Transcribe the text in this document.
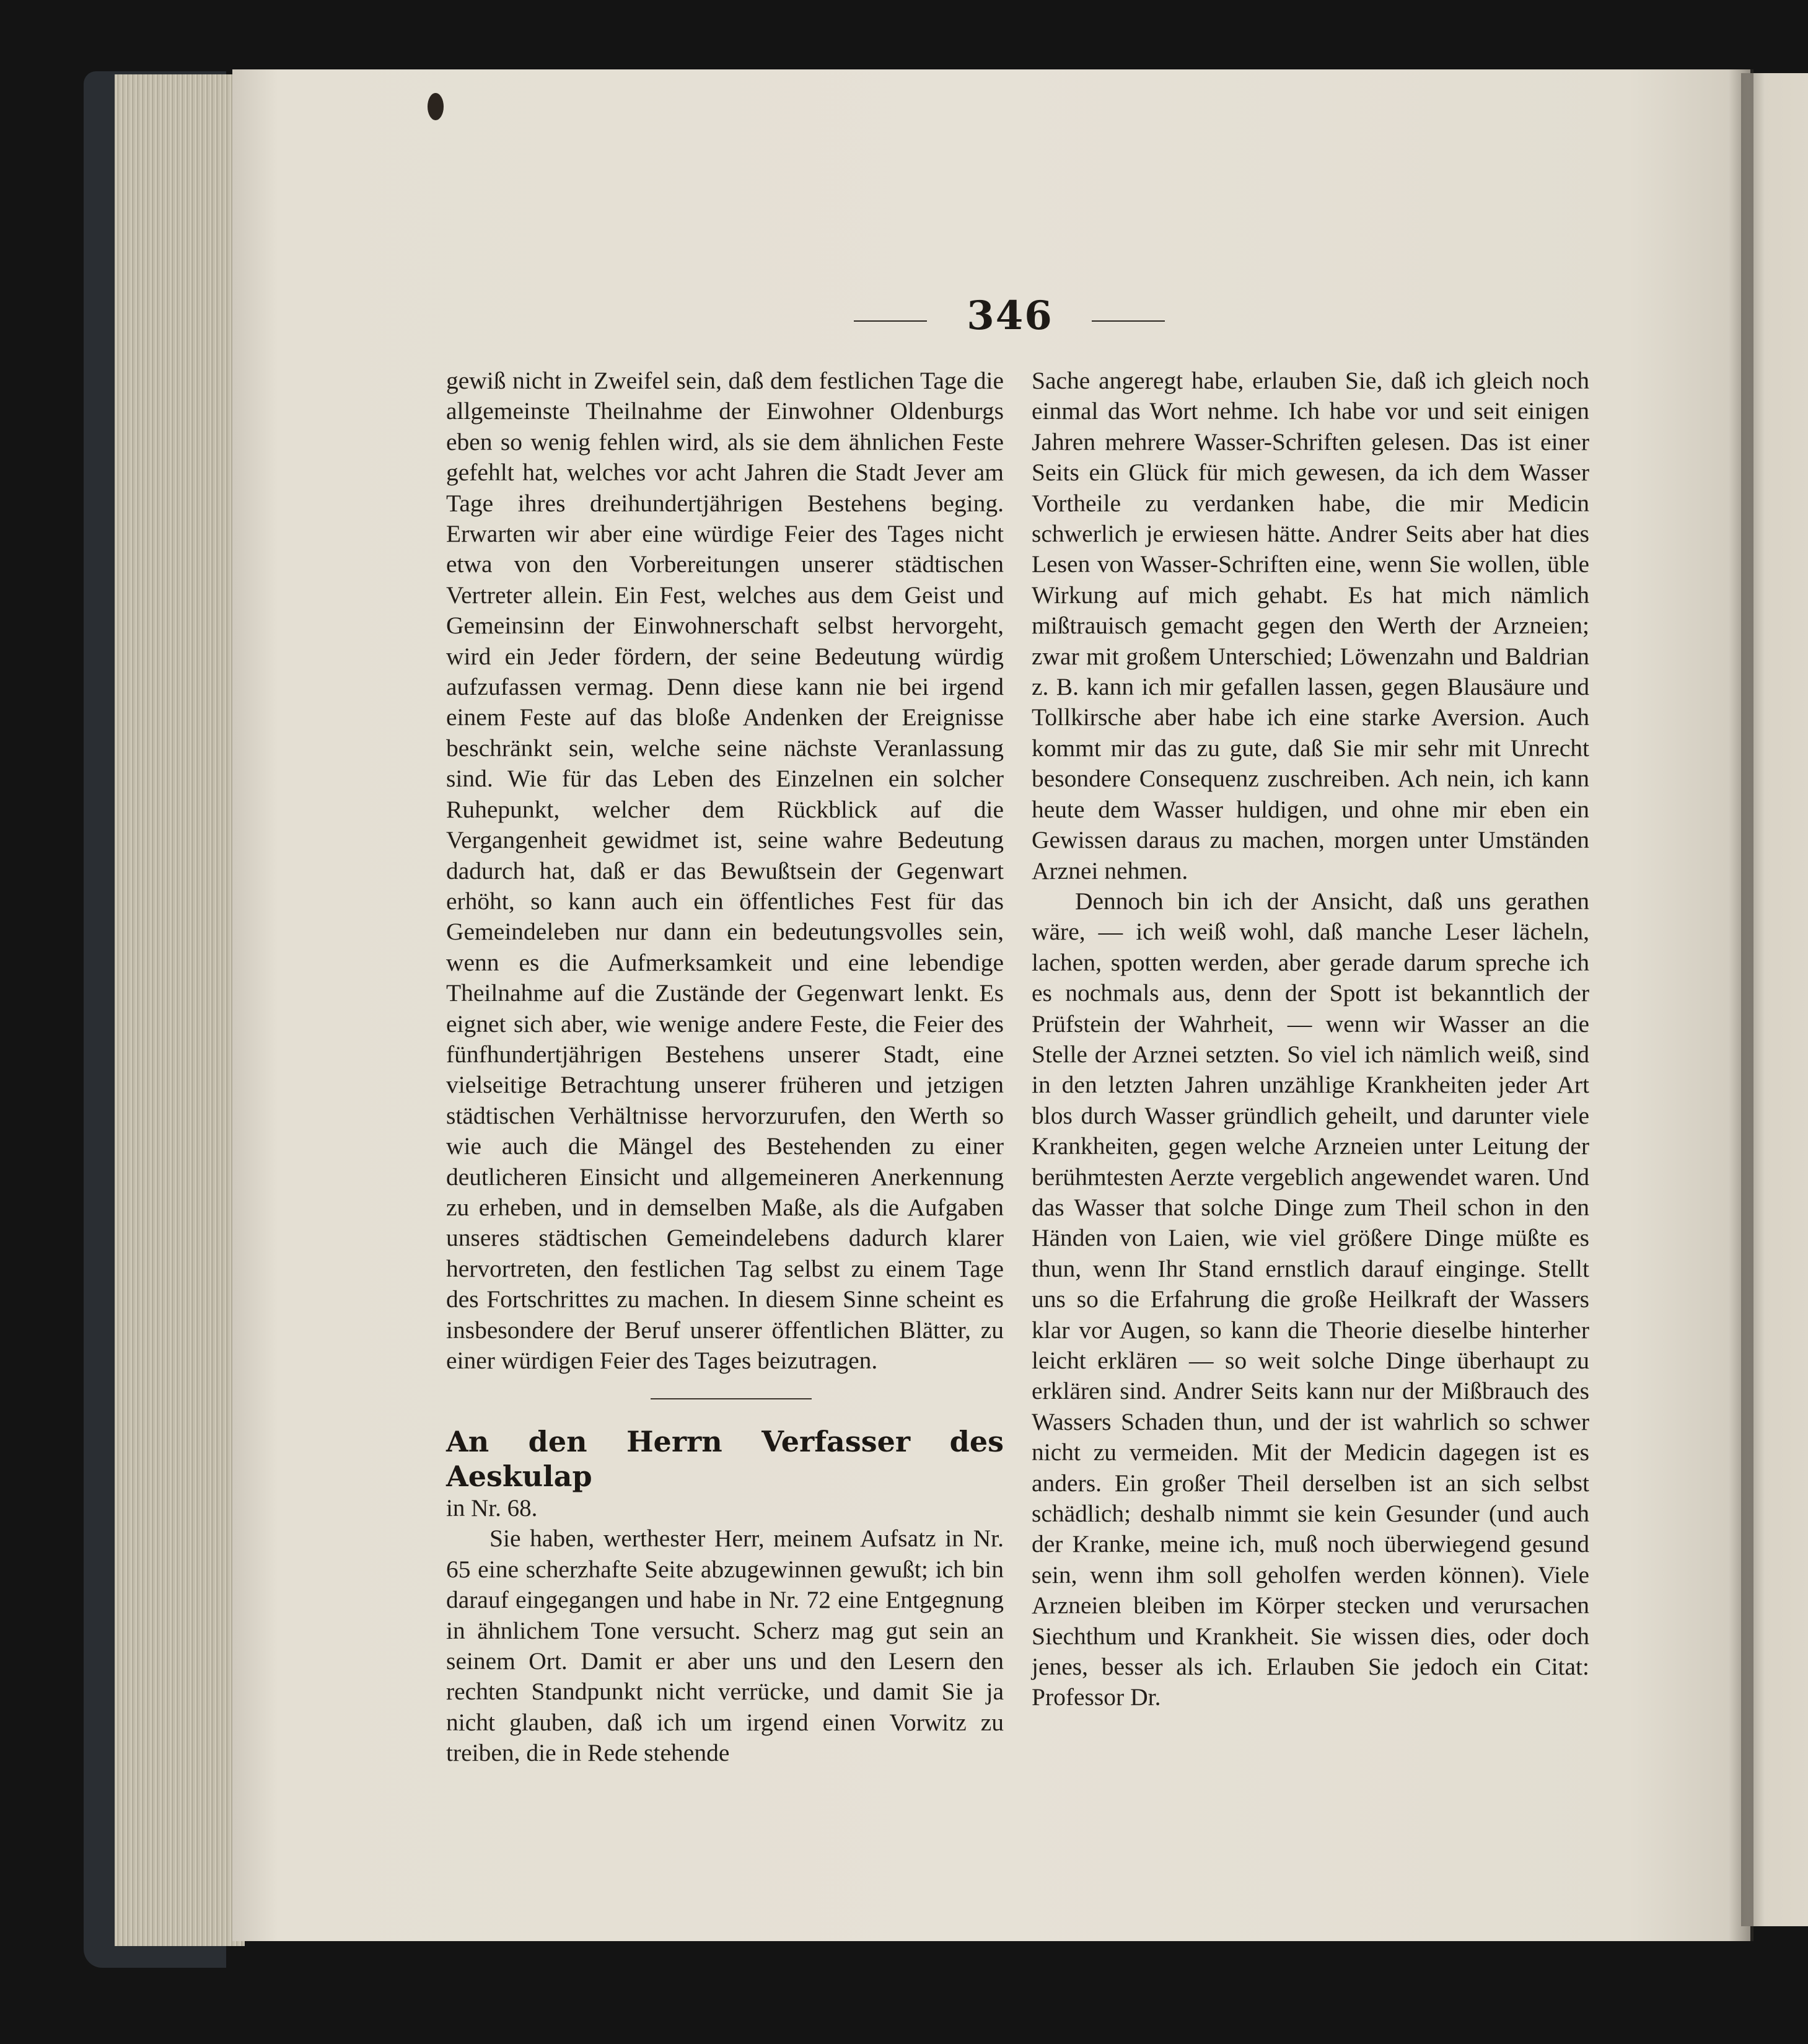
346

gewiß nicht in Zweifel sein, daß dem festlichen Tage die allgemeinste Theilnahme der Einwohner Oldenburgs eben so wenig fehlen wird, als sie dem ähnlichen Feste gefehlt hat, welches vor acht Jahren die Stadt Jever am Tage ihres dreihundertjährigen Bestehens beging. Erwarten wir aber eine würdige Feier des Tages nicht etwa von den Vorbereitungen unserer städtischen Vertreter allein. Ein Fest, welches aus dem Geist und Gemeinsinn der Einwohnerschaft selbst hervorgeht, wird ein Jeder fördern, der seine Bedeutung würdig aufzufassen vermag. Denn diese kann nie bei irgend einem Feste auf das bloße Andenken der Ereignisse beschränkt sein, welche seine nächste Veranlassung sind. Wie für das Leben des Einzelnen ein solcher Ruhepunkt, welcher dem Rückblick auf die Vergangenheit gewidmet ist, seine wahre Bedeutung dadurch hat, daß er das Bewußtsein der Gegenwart erhöht, so kann auch ein öffentliches Fest für das Gemeindeleben nur dann ein bedeutungsvolles sein, wenn es die Aufmerksamkeit und eine lebendige Theilnahme auf die Zustände der Gegenwart lenkt. Es eignet sich aber, wie wenige andere Feste, die Feier des fünfhundertjährigen Bestehens unserer Stadt, eine vielseitige Betrachtung unserer früheren und jetzigen städtischen Verhältnisse hervorzurufen, den Werth so wie auch die Mängel des Bestehenden zu einer deutlicheren Einsicht und allgemeineren Anerkennung zu erheben, und in demselben Maße, als die Aufgaben unseres städtischen Gemeindelebens dadurch klarer hervortreten, den festlichen Tag selbst zu einem Tage des Fortschrittes zu machen. In diesem Sinne scheint es insbesondere der Beruf unserer öffentlichen Blätter, zu einer würdigen Feier des Tages beizutragen.

An den Herrn Verfasser des Aeskulap

in Nr. 68.

Sie haben, werthester Herr, meinem Aufsatz in Nr. 65 eine scherzhafte Seite abzugewinnen gewußt; ich bin darauf eingegangen und habe in Nr. 72 eine Entgegnung in ähnlichem Tone versucht. Scherz mag gut sein an seinem Ort. Damit er aber uns und den Lesern den rechten Standpunkt nicht verrücke, und damit Sie ja nicht glauben, daß ich um irgend einen Vorwitz zu treiben, die in Rede stehende

Sache angeregt habe, erlauben Sie, daß ich gleich noch einmal das Wort nehme. Ich habe vor und seit einigen Jahren mehrere Wasser-Schriften gelesen. Das ist einer Seits ein Glück für mich gewesen, da ich dem Wasser Vortheile zu verdanken habe, die mir Medicin schwerlich je erwiesen hätte. Andrer Seits aber hat dies Lesen von Wasser-Schriften eine, wenn Sie wollen, üble Wirkung auf mich gehabt. Es hat mich nämlich mißtrauisch gemacht gegen den Werth der Arzneien; zwar mit großem Unterschied; Löwenzahn und Baldrian z. B. kann ich mir gefallen lassen, gegen Blausäure und Tollkirsche aber habe ich eine starke Aversion. Auch kommt mir das zu gute, daß Sie mir sehr mit Unrecht besondere Consequenz zuschreiben. Ach nein, ich kann heute dem Wasser huldigen, und ohne mir eben ein Gewissen daraus zu machen, morgen unter Umständen Arznei nehmen.

Dennoch bin ich der Ansicht, daß uns gerathen wäre, — ich weiß wohl, daß manche Leser lächeln, lachen, spotten werden, aber gerade darum spreche ich es nochmals aus, denn der Spott ist bekanntlich der Prüfstein der Wahrheit, — wenn wir Wasser an die Stelle der Arznei setzten. So viel ich nämlich weiß, sind in den letzten Jahren unzählige Krankheiten jeder Art blos durch Wasser gründlich geheilt, und darunter viele Krankheiten, gegen welche Arzneien unter Leitung der berühmtesten Aerzte vergeblich angewendet waren. Und das Wasser that solche Dinge zum Theil schon in den Händen von Laien, wie viel größere Dinge müßte es thun, wenn Ihr Stand ernstlich darauf einginge. Stellt uns so die Erfahrung die große Heilkraft der Wassers klar vor Augen, so kann die Theorie dieselbe hinterher leicht erklären — so weit solche Dinge überhaupt zu erklären sind. Andrer Seits kann nur der Mißbrauch des Wassers Schaden thun, und der ist wahrlich so schwer nicht zu vermeiden. Mit der Medicin dagegen ist es anders. Ein großer Theil derselben ist an sich selbst schädlich; deshalb nimmt sie kein Gesunder (und auch der Kranke, meine ich, muß noch überwiegend gesund sein, wenn ihm soll geholfen werden können). Viele Arzneien bleiben im Körper stecken und verursachen Siechthum und Krankheit. Sie wissen dies, oder doch jenes, besser als ich. Erlauben Sie jedoch ein Citat: Professor Dr.
